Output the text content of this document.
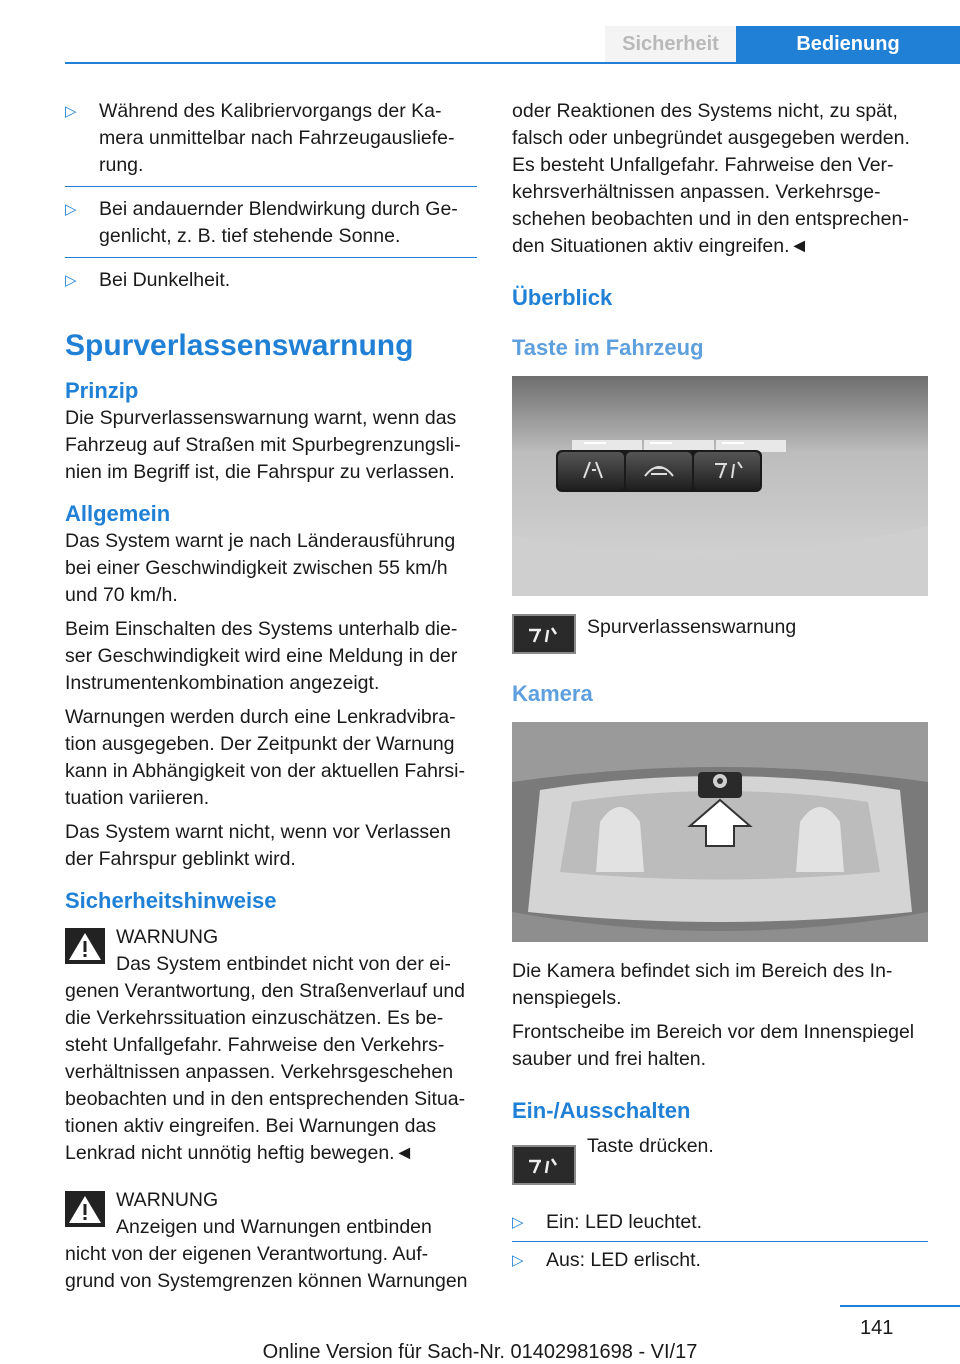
Sicherheit	Bedienung
▷	Während des Kalibriervorgangs der Ka‐ mera unmittelbar nach Fahrzeugausliefe‐ rung.
▷	Bei andauernder Blendwirkung durch Ge‐ genlicht, z. B. tief stehende Sonne.
▷	Bei Dunkelheit.
Spurverlassenswarnung
Prinzip

Die Spurverlassenswarnung warnt, wenn das Fahrzeug auf Straßen mit Spurbegrenzungsli‐ nien im Begriff ist, die Fahrspur zu verlassen.

Allgemein

Das System warnt je nach Länderausführung bei einer Geschwindigkeit zwischen 55 km/h und 70 km/h.

Beim Einschalten des Systems unterhalb die‐ ser Geschwindigkeit wird eine Meldung in der Instrumentenkombination angezeigt.

Warnungen werden durch eine Lenkradvibra‐ tion ausgegeben. Der Zeitpunkt der Warnung kann in Abhängigkeit von der aktuellen Fahrsi‐ tuation variieren.

Das System warnt nicht, wenn vor Verlassen der Fahrspur geblinkt wird.

Sicherheitshinweise
WARNUNG
Das System entbindet nicht von der ei‐

genen Verantwortung, den Straßenverlauf und die Verkehrssituation einzuschätzen. Es be‐ steht Unfallgefahr. Fahrweise den Verkehrs‐ verhältnissen anpassen. Verkehrsgeschehen beobachten und in den entsprechenden Situa‐ tionen aktiv eingreifen. Bei Warnungen das Lenkrad nicht unnötig heftig bewegen.◄

WARNUNG
Anzeigen und Warnungen entbinden

nicht von der eigenen Verantwortung. Auf‐ grund von Systemgrenzen können Warnungen

oder Reaktionen des Systems nicht, zu spät, falsch oder unbegründet ausgegeben werden. Es besteht Unfallgefahr. Fahrweise den Ver‐ kehrsverhältnissen anpassen. Verkehrsge‐ schehen beobachten und in den entsprechen‐ den Situationen aktiv eingreifen.◄

Überblick
Taste im Fahrzeug
Spurverlassenswarnung
Kamera

Die Kamera befindet sich im Bereich des In‐ nenspiegels.

Frontscheibe im Bereich vor dem Innenspiegel sauber und frei halten.

Ein-/Ausschalten
Taste drücken.
▷	Ein: LED leuchtet.
▷	Aus: LED erlischt.
141
Online Version für Sach-Nr. 01402981698 - VI/17
